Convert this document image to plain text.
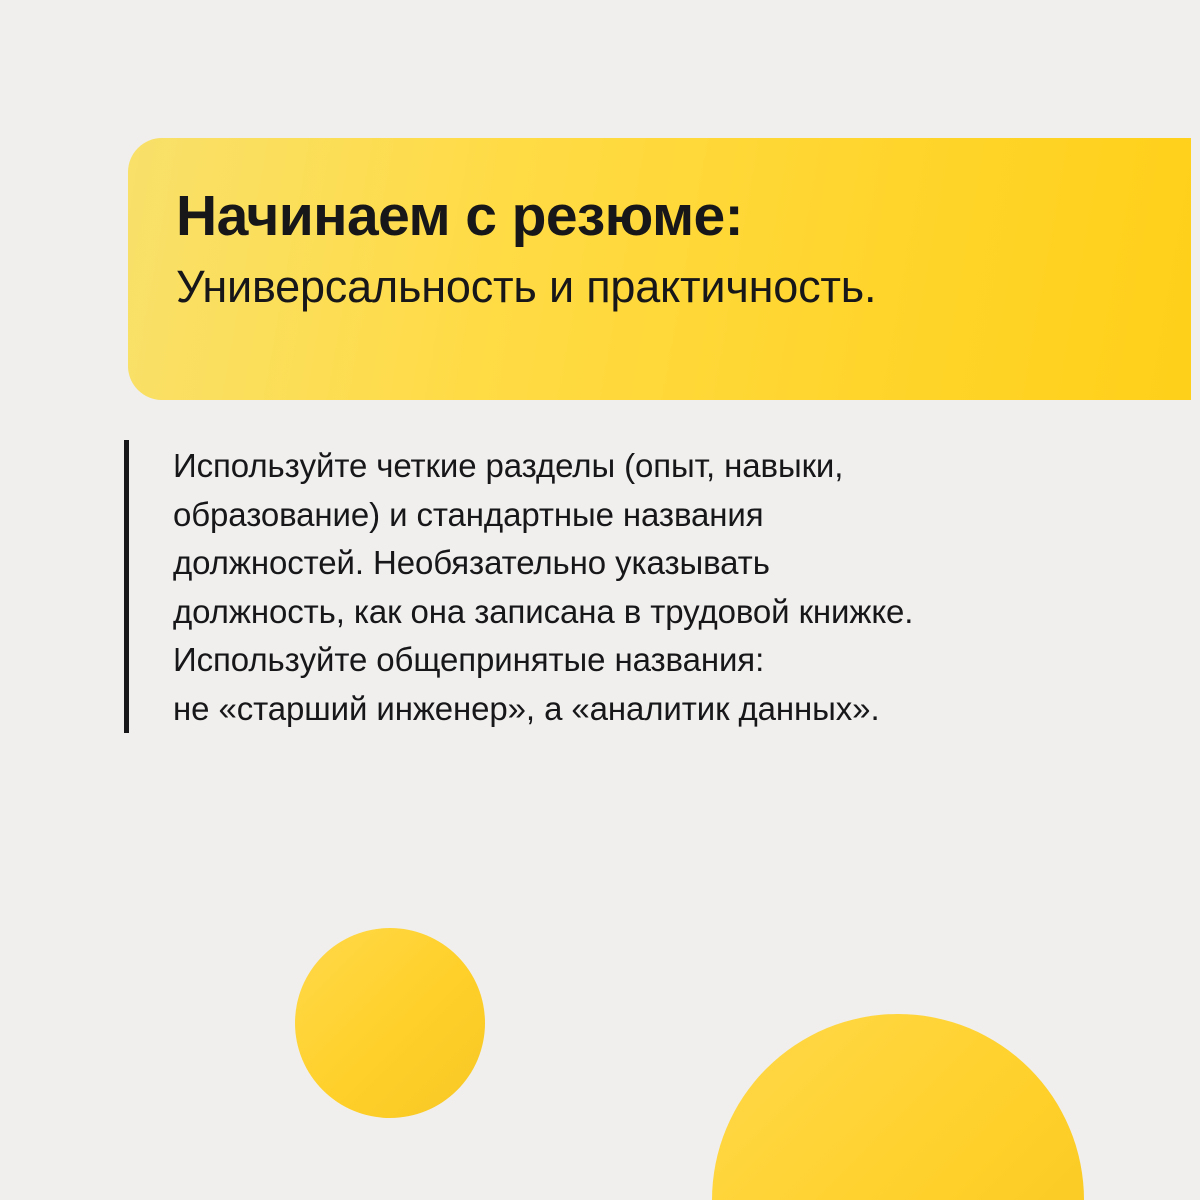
Начинаем с резюме:
Универсальность и практичность.

Использyйте четкие разделы (опыт, навыки,

образование) и стандартные названия

должностей. Необязательно указывать

должность, как она записана в трудовой книжке.

Использyйте общепринятые названия:

не «старший инженер», а «аналитик данных».
